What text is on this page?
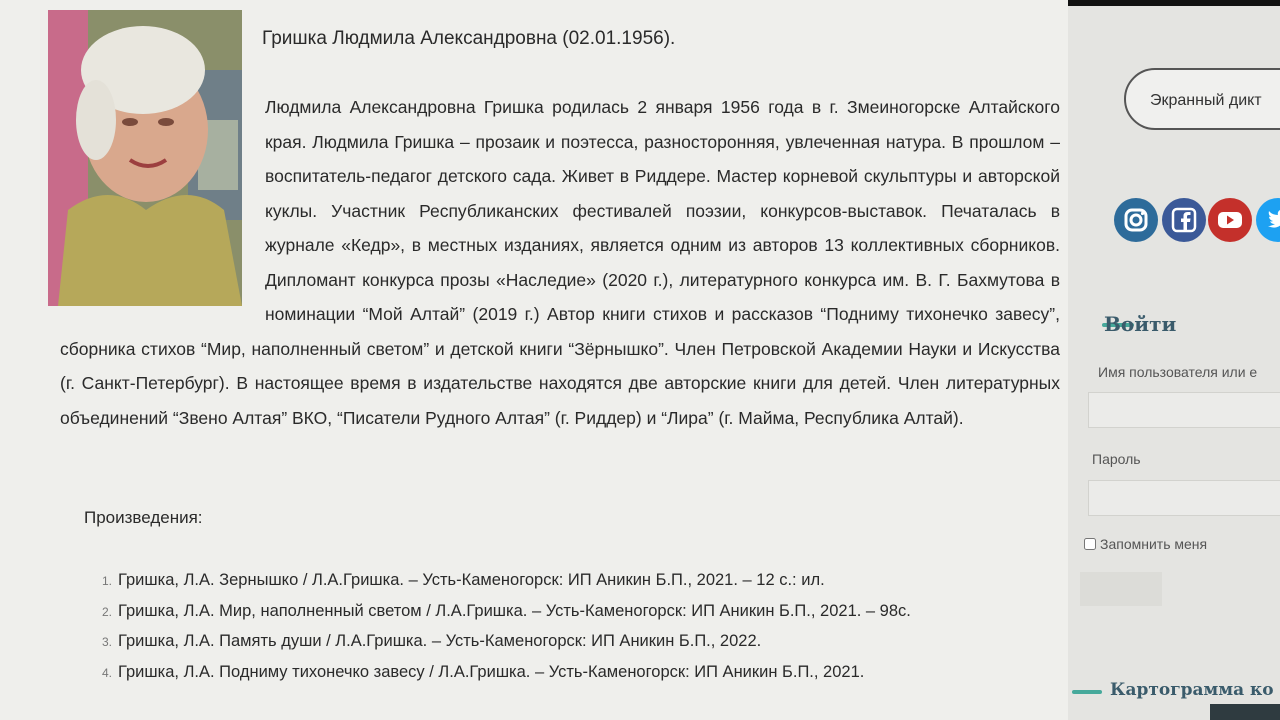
Гришка Людмила Александровна (02.01.1956).
Людмила Александровна Гришка родилась 2 января 1956 года в г. Змеиногорске Алтайского края. Людмила Гришка – прозаик и поэтесса, разносторонняя, увлеченная натура. В прошлом – воспитатель-педагог детского сада. Живет в Риддере. Мастер корневой скульптуры и авторской куклы. Участник Республиканских фестивалей поэзии, конкурсов-выставок. Печаталась в журнале «Кедр», в местных изданиях, является одним из авторов 13 коллективных сборников. Дипломант конкурса прозы «Наследие» (2020 г.), литературного конкурса им. В. Г. Бахмутова в номинации “Мой Алтай” (2019 г.) Автор книги стихов и рассказов “Подниму тихонечко завесу”, сборника стихов “Мир, наполненный светом” и детской книги “Зёрнышко”. Член Петровской Академии Науки и Искусства (г. Санкт-Петербург). В настоящее время в издательстве находятся две авторские книги для детей. Член литературных объединений “Звено Алтая” ВКО, “Писатели Рудного Алтая” (г. Риддер) и “Лира” (г. Майма, Республика Алтай).
Произведения:
1. Гришка, Л.А. Зернышко / Л.А.Гришка. – Усть-Каменогорск: ИП Аникин Б.П., 2021. – 12 с.: ил.
2. Гришка, Л.А. Мир, наполненный светом / Л.А.Гришка. – Усть-Каменогорск: ИП Аникин Б.П., 2021. – 98с.
3. Гришка, Л.А. Память души / Л.А.Гришка. – Усть-Каменогорск: ИП Аникин Б.П., 2022.
4. Гришка, Л.А. Подниму тихонечко завесу / Л.А.Гришка. – Усть-Каменогорск: ИП Аникин Б.П., 2021.
Экранный дикт
Войти
Имя пользователя или е
Пароль
Запомнить меня
Картограмма ко
